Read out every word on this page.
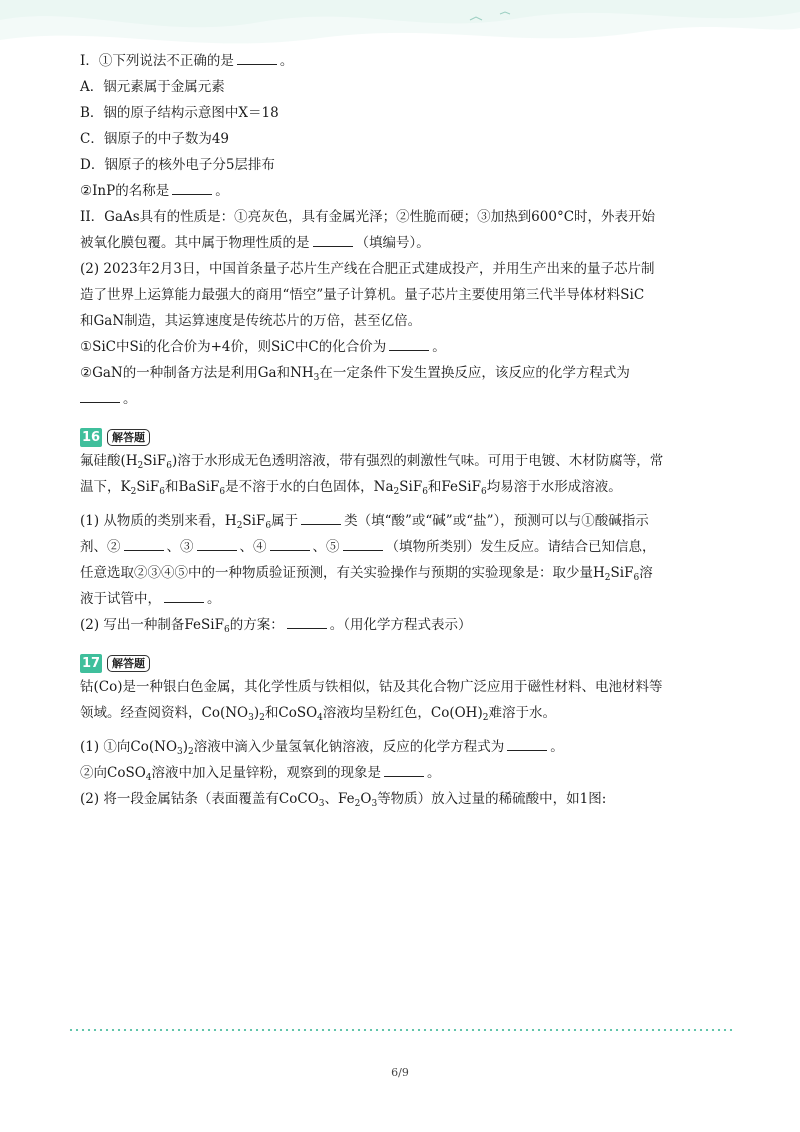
I．①下列说法不正确的是	。
A．铟元素属于金属元素
B．铟的原子结构示意图中X＝18
C．铟原子的中子数为49
D．铟原子的核外电子分5层排布
②InP的名称是	。
II．GaAs具有的性质是：①亮灰色，具有金属光泽；②性脆而硬；③加热到600°C时，外表开始
被氧化膜包覆。其中属于物理性质的是	（填编号）。
(2) 2023年2月3日，中国首条量子芯片生产线在合肥正式建成投产，并用生产出来的量子芯片制
造了世界上运算能力最强大的商用“悟空”量子计算机。量子芯片主要使用第三代半导体材料SiC
和GaN制造，其运算速度是传统芯片的万倍，甚至亿倍。
①SiC中Si的化合价为+4价，则SiC中C的化合价为	。
②GaN的一种制备方法是利用Ga和$NH_3$在一定条件下发生置换反应，该反应的化学方程式为
。
16	解答题
氟硅酸$(H_2SiF_6)$溶于水形成无色透明溶液，带有强烈的刺激性气味。可用于电镀、木材防腐等，常
温下，$K_2SiF_6$和BaSiF$_6$是不溶于水的白色固体，$Na_2SiF_6$和FeSiF$_6$均易溶于水形成溶液。
(1) 从物质的类别来看，$H_2SiF_6$属于	类（填“酸”或“碱”或“盐”），预测可以与①酸碱指示
剂、②	、③	、④	、⑤	（填物所类别）发生反应。请结合已知信息，
任意选取②③④⑤中的一种物质验证预测，有关实验操作与预期的实验现象是：取少量$H_2SiF_6$溶
液于试管中，	。
(2) 写出一种制备FeSiF$_6$的方案：	。（用化学方程式表示）
17	解答题
钴(Co)是一种银白色金属，其化学性质与铁相似，钴及其化合物广泛应用于磁性材料、电池材料等
领域。经查阅资料，$Co(NO_3)_2$和CoSO$_4$溶液均呈粉红色，$Co(OH)_2$难溶于水。
(1) ①向$Co(NO_3)_2$溶液中滴入少量氢氧化钠溶液，反应的化学方程式为	。
②向CoSO$_4$溶液中加入足量锌粉，观察到的现象是	。
(2) 将一段金属钴条（表面覆盖有CoCO$_3$、$Fe_2O_3$等物质）放入过量的稀硫酸中，如1图:
6/9
